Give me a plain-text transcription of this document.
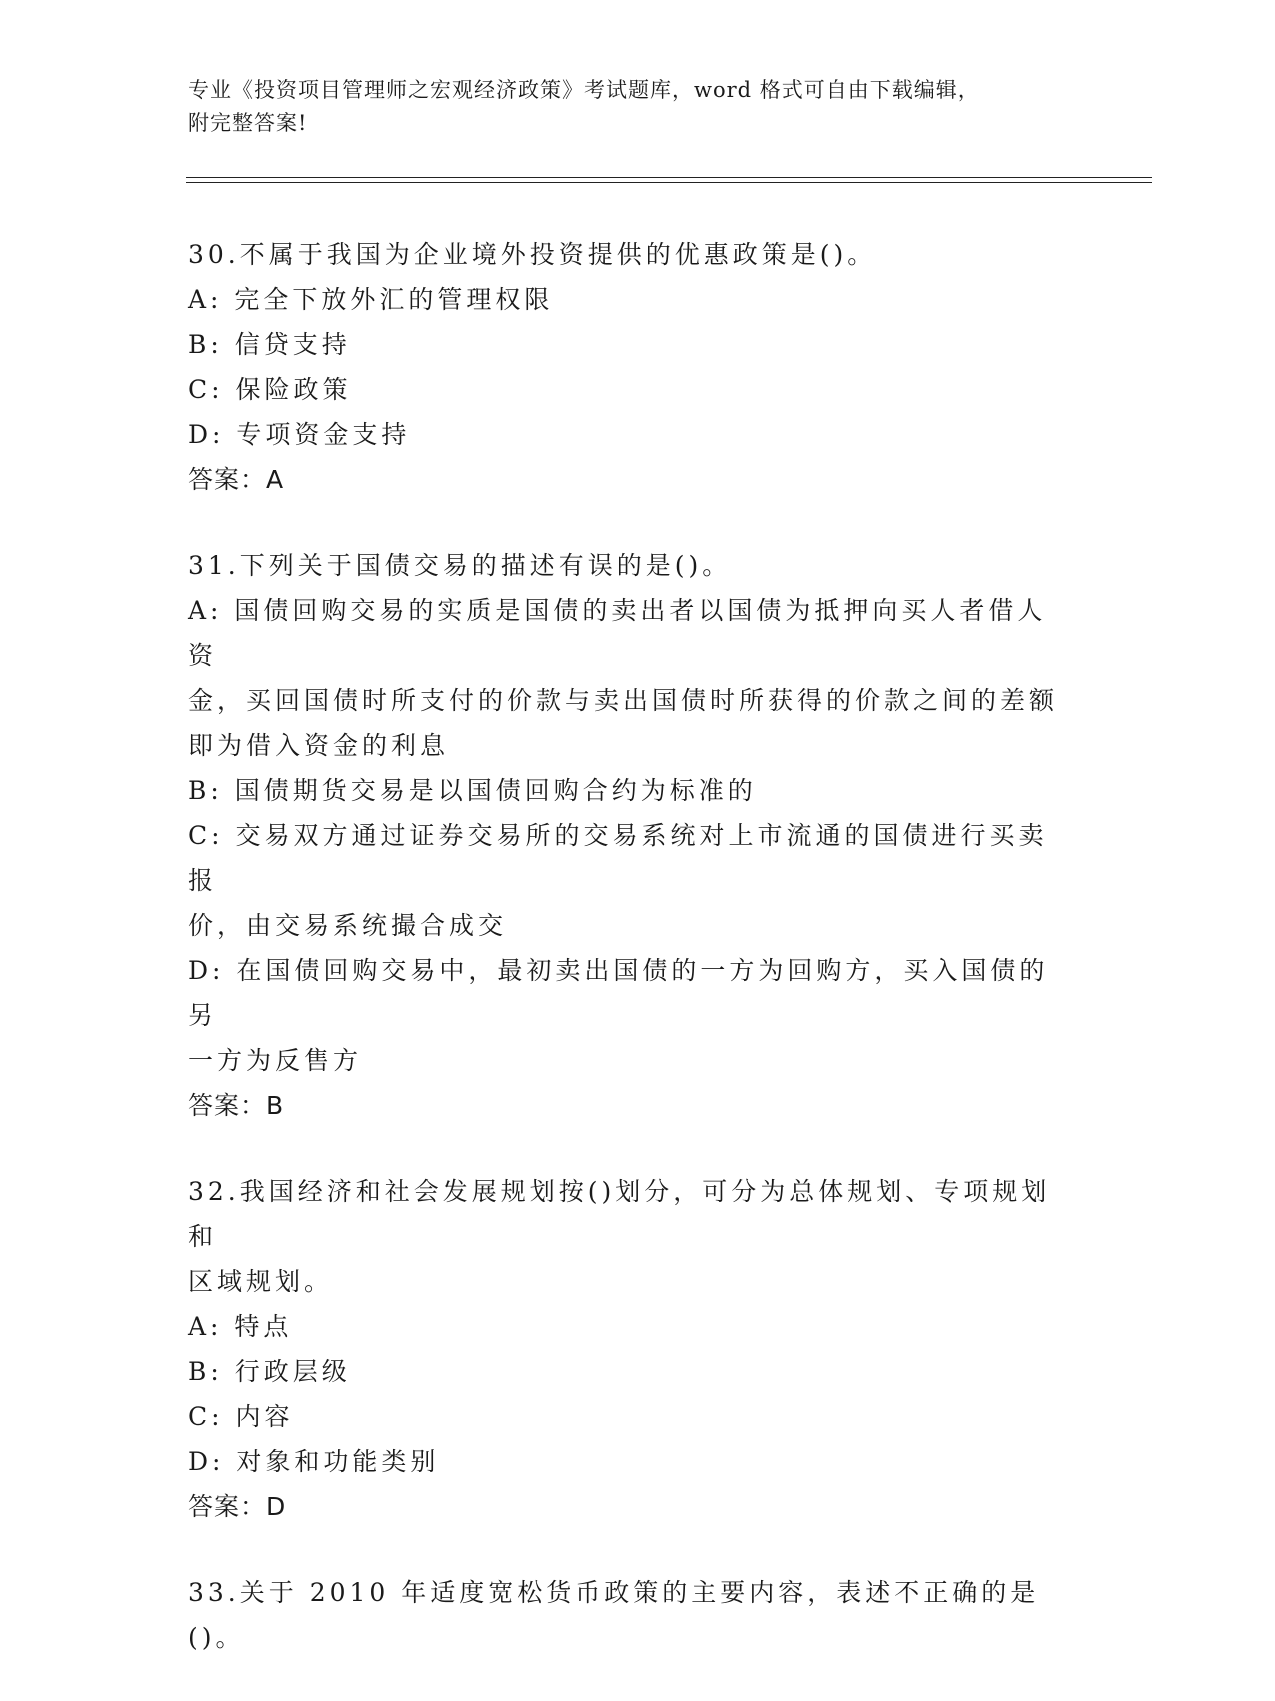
专业《投资项目管理师之宏观经济政策》考试题库，word 格式可自由下载编辑，
附完整答案!
30.不属于我国为企业境外投资提供的优惠政策是()。
A: 完全下放外汇的管理权限
B: 信贷支持
C: 保险政策
D: 专项资金支持
答案：A
31.下列关于国债交易的描述有误的是()。
A: 国债回购交易的实质是国债的卖出者以国债为抵押向买人者借人资
金，买回国债时所支付的价款与卖出国债时所获得的价款之间的差额
即为借入资金的利息
B: 国债期货交易是以国债回购合约为标准的
C: 交易双方通过证券交易所的交易系统对上市流通的国债进行买卖报
价，由交易系统撮合成交
D: 在国债回购交易中，最初卖出国债的一方为回购方，买入国债的另
一方为反售方
答案：B
32.我国经济和社会发展规划按()划分，可分为总体规划、专项规划和
区域规划。
A: 特点
B: 行政层级
C: 内容
D: 对象和功能类别
答案：D
33.关于 2010 年适度宽松货币政策的主要内容，表述不正确的是()。
